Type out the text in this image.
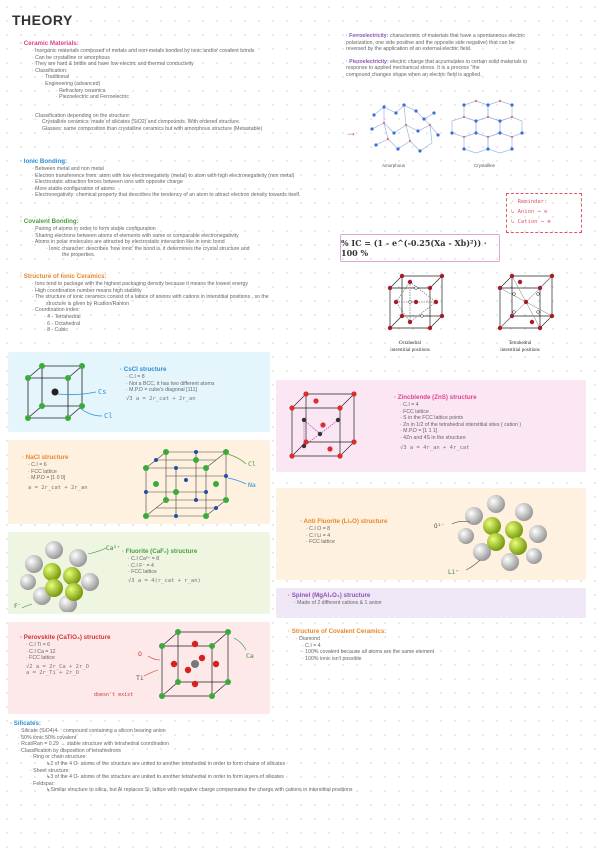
THEORY
· Ceramic Materials:
· Inorganic materials composed of metals and non-metals bonded by ionic and/or covalent bonds
· Can be crystalline or amorphous
· They are hard & brittle and have low electric and thermal conductivity
· Classification:
· Traditional
· Engineering (advanced)
· Refractory ceramics
· Piezoelectric and Ferroelectric
· Classification depending on the structure:
Crystalline ceramics: made of silicates (SiO2) and compounds. With ordered structure.
Glasses: same composition than crystalline ceramics but with amorphous structure (Metastable)
· Ferroelectricity: characteristic of materials that have a spontaneous electric
polarization, one side positive and the opposite side negative) that can be
reversed by the application of an external electric field.
· Piezoelectricity: electric charge that accumulates in certain solid materials in
response to applied mechanical stress. It is a process "the
compound changes shape when an electric field is applied.
→
Amorphous	Crystalline
· Ionic Bonding:
· Between metal and non metal
· Electron transference from: atom with low electronegativity (metal) to atom with high electronegativity (non metal)
· Electrostatic attraction forces between ions with opposite charge
· More stable configuration of atoms
· Electronegativity: chemical property that describes the tendency of an atom to attract electron density towards itself.
· Reminder:
↳ Anion → ⊖
↳ Cation → ⊕
· Covalent Bonding:
· Pairing of atoms in order to form stable configuration
· Sharing electrons between atoms of elements with same or comparable electronegativity
· Atoms in polar molecules are attracted by electrostatic interaction like in ionic bond
· Ionic character: describes 'how ionic' the bond is, it determines the crystal structure and
the properties.
% IC = (1 - e^(-0.25(Xa - Xb)²)) · 100 %
· Structure of Ionic Ceramics:
· Ions tend to package with the highest packaging density because it means the lowest energy
· High coordination number means high stability
· The structure of ionic ceramics consist of a lattice of anions with cations in interstitial positions , so the
structure is given by Rcation/Ranion
· Coordination index:
· 4 - Tetrahedral
· 6 - Octahedral
· 8 - Cubic
Octahedral
interstitial positions
Tetrahedral
interstitial positions
Cs
Cl
· CsCl structure
· C.I = 8
· Not a BCC, it has two different atoms
· M.P.D = cube's diagonal [111]
√3 a = 2r_cat + 2r_an	· Zincblende (ZnS) structure
· C.I = 4
· FCC lattice
· S in the FCC lattice points
· Zn in 1/2 of the tetrahedral interstitial sites ( cation )
· M.P.D = [1 1 1]
· 4Zn and 4S in the structure
√3 a = 4r_an + 4r_cat
· NaCl structure
· C.I = 6
· FCC lattice
· M.P.D = [1 0 0]
a = 2r_cat + 2r_an
Cl
Na
· Anti Fluorite (Li₂O) structure
· C.I O = 8
· C.I Li = 4
· FCC lattice
O²⁻
Li⁺
Ca²⁺
F⁻
· Fluorite (CaF₂) structure
· C.I Ca²⁺ = 8
· C.I F⁻ = 4
· FCC lattice
√3 a = 4(r_cat + r_an)
· Spinel (MgAl₂O₄) structure
· Made of 2 different cations & 1 anion
· Perovskite (CaTiO₃) structure
· C.I Ti = 6
· C.I Ca = 12
· FCC lattice
√2 a = 2r_Ca + 2r_O
a = 2r_Ti + 2r_O
doesn't exist
O	Ca
Ti
· Structure of Covalent Ceramics:
· Diamond
· C.I = 4
· 100% covalent because all atoms are the same element
· 100% ionic isn't possible
· Silicates:
· Silicate (SiO4)4- : compound containing a silicon bearing anion
· 50% ionic 50% covalent
· Rcat/Ran = 0.29 → stable structure with tetrahedral coordination
· Classification by disposition of tetrahedrons
· Ring or chain structure:
↳2 of the 4 O- atoms of the structure are united to another tetrahedral in order to form chains of silicates
· Sheet structure:
↳3 of the 4 O- atoms of the structure are united to another tetrahedral in order to form layers of silicates
· Feldspar:
↳Similar structure to silica, but Al replaces Si, lattice with negative charge compensates the charge with cations in interstitial positions
